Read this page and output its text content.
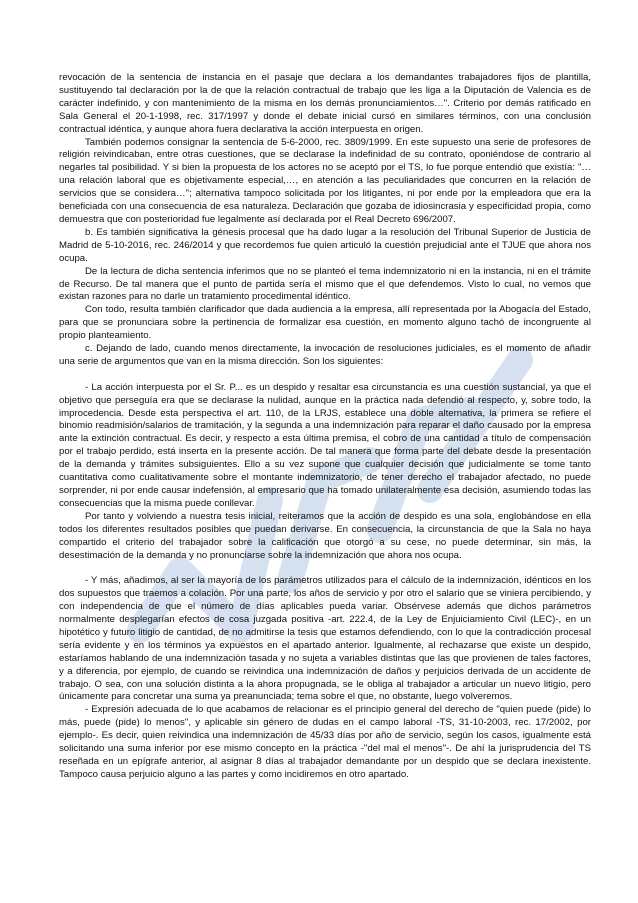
revocación de la sentencia de instancia en el pasaje que declara a los demandantes trabajadores fijos de plantilla, sustituyendo tal declaración por la de que la relación contractual de trabajo que les liga a la Diputación de Valencia es de carácter indefinido, y con mantenimiento de la misma en los demás pronunciamientos…". Criterio por demás ratificado en Sala General el 20-1-1998, rec. 317/1997 y donde el debate inicial cursó en similares términos, con una conclusión contractual idéntica, y aunque ahora fuera declarativa la acción interpuesta en origen.

También podemos consignar la sentencia de 5-6-2000, rec. 3809/1999. En este supuesto una serie de profesores de religión reivindicaban, entre otras cuestiones, que se declarase la indefinidad de su contrato, oponiéndose de contrario al negarles tal posibilidad. Y si bien la propuesta de los actores no se aceptó por el TS, lo fue porque entendió que existía: "…una relación laboral que es objetivamente especial,…, en atención a las peculiaridades que concurren en la relación de servicios que se considera…"; alternativa tampoco solicitada por los litigantes, ni por ende por la empleadora que era la beneficiada con una consecuencia de esa naturaleza. Declaración que gozaba de idiosincrasia y especificidad propia, como demuestra que con posterioridad fue legalmente así declarada por el Real Decreto 696/2007.

b. Es también significativa la génesis procesal que ha dado lugar a la resolución del Tribunal Superior de Justicia de Madrid de 5-10-2016, rec. 246/2014 y que recordemos fue quien articuló la cuestión prejudicial ante el TJUE que ahora nos ocupa.

De la lectura de dicha sentencia inferimos que no se planteó el tema indemnizatorio ni en la instancia, ni en el trámite de Recurso. De tal manera que el punto de partida sería el mismo que el que defendemos. Visto lo cual, no vemos que existan razones para no darle un tratamiento procedimental idéntico.

Con todo, resulta también clarificador que dada audiencia a la empresa, allí representada por la Abogacía del Estado, para que se pronunciara sobre la pertinencia de formalizar esa cuestión, en momento alguno tachó de incongruente al propio planteamiento.

c. Dejando de lado, cuando menos directamente, la invocación de resoluciones judiciales, es el momento de añadir una serie de argumentos que van en la misma dirección. Son los siguientes:

- La acción interpuesta por el Sr. P... es un despido y resaltar esa circunstancia es una cuestión sustancial, ya que el objetivo que perseguía era que se declarase la nulidad, aunque en la práctica nada defendió al respecto, y, sobre todo, la improcedencia. Desde esta perspectiva el art. 110, de la LRJS, establece una doble alternativa, la primera se refiere el binomio readmisión/salarios de tramitación, y la segunda a una indemnización para reparar el daño causado por la empresa ante la extinción contractual. Es decir, y respecto a esta última premisa, el cobro de una cantidad a título de compensación por el trabajo perdido, está inserta en la presente acción. De tal manera que forma parte del debate desde la presentación de la demanda y trámites subsiguientes. Ello a su vez supone que cualquier decisión que judicialmente se tome tanto cuantitativa como cualitativamente sobre el montante indemnizatorio, de tener derecho el trabajador afectado, no puede sorprender, ni por ende causar indefensión, al empresario que ha tomado unilateralmente esa decisión, asumiendo todas las consecuencias que la misma puede conllevar.

Por tanto y volviendo a nuestra tesis inicial, reiteramos que la acción de despido es una sola, englobándose en ella todos los diferentes resultados posibles que puedan derivarse. En consecuencia, la circunstancia de que la Sala no haya compartido el criterio del trabajador sobre la calificación que otorgó a su cese, no puede determinar, sin más, la desestimación de la demanda y no pronunciarse sobre la indemnización que ahora nos ocupa.

- Y más, añadimos, al ser la mayoría de los parámetros utilizados para el cálculo de la indemnización, idénticos en los dos supuestos que traemos a colación. Por una parte, los años de servicio y por otro el salario que se viniera percibiendo, y con independencia de que el número de días aplicables pueda variar. Obsérvese además que dichos parámetros normalmente desplegarían efectos de cosa juzgada positiva -art. 222.4, de la Ley de Enjuiciamiento Civil (LEC)-, en un hipotético y futuro litigio de cantidad, de no admitirse la tesis que estamos defendiendo, con lo que la contradicción procesal sería evidente y en los términos ya expuestos en el apartado anterior. Igualmente, al rechazarse que existe un despido, estaríamos hablando de una indemnización tasada y no sujeta a variables distintas que las que provienen de tales factores, y a diferencia, por ejemplo, de cuando se reivindica una indemnización de daños y perjuicios derivada de un accidente de trabajo. O sea, con una solución distinta a la ahora propugnada, se le obliga al trabajador a articular un nuevo litigio, pero únicamente para concretar una suma ya preanunciada; tema sobre el que, no obstante, luego volveremos.

- Expresión adecuada de lo que acabamos de relacionar es el principio general del derecho de "quien puede (pide) lo más, puede (pide) lo menos", y aplicable sin género de dudas en el campo laboral -TS, 31-10-2003, rec. 17/2002, por ejemplo-. Es decir, quien reivindica una indemnización de 45/33 días por año de servicio, según los casos, igualmente está solicitando una suma inferior por ese mismo concepto en la práctica -"del mal el menos"-. De ahí la jurisprudencia del TS reseñada en un epígrafe anterior, al asignar 8 días al trabajador demandante por un despido que se declara inexistente. Tampoco causa perjuicio alguno a las partes y como incidiremos en otro apartado.
